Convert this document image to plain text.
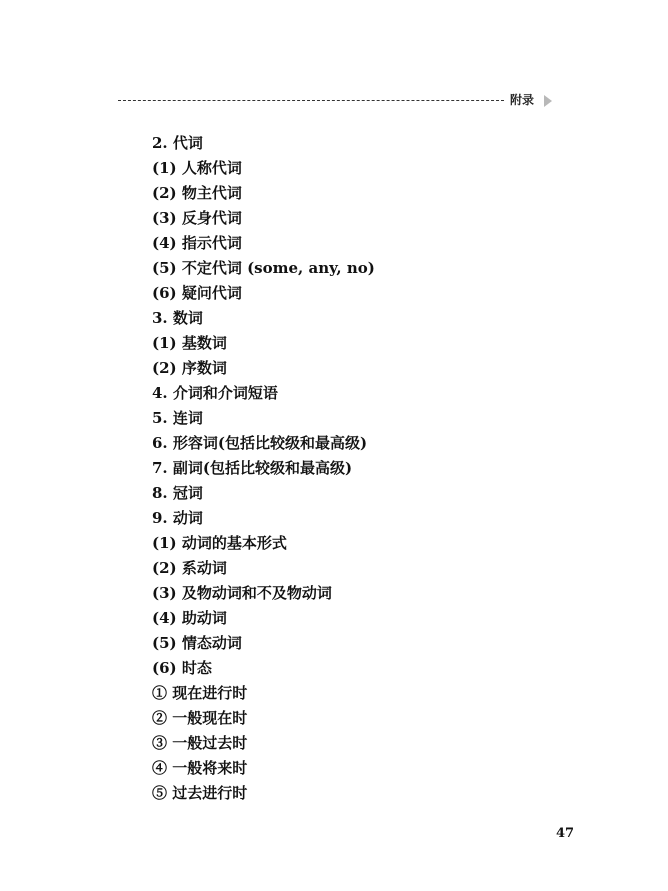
附录
2. 代词
(1) 人称代词
(2) 物主代词
(3) 反身代词
(4) 指示代词
(5) 不定代词 (some, any, no)
(6) 疑问代词
3. 数词
(1) 基数词
(2) 序数词
4. 介词和介词短语
5. 连词
6. 形容词(包括比较级和最高级)
7. 副词(包括比较级和最高级)
8. 冠词
9. 动词
(1) 动词的基本形式
(2) 系动词
(3) 及物动词和不及物动词
(4) 助动词
(5) 情态动词
(6) 时态
① 现在进行时
② 一般现在时
③ 一般过去时
④ 一般将来时
⑤ 过去进行时
47
